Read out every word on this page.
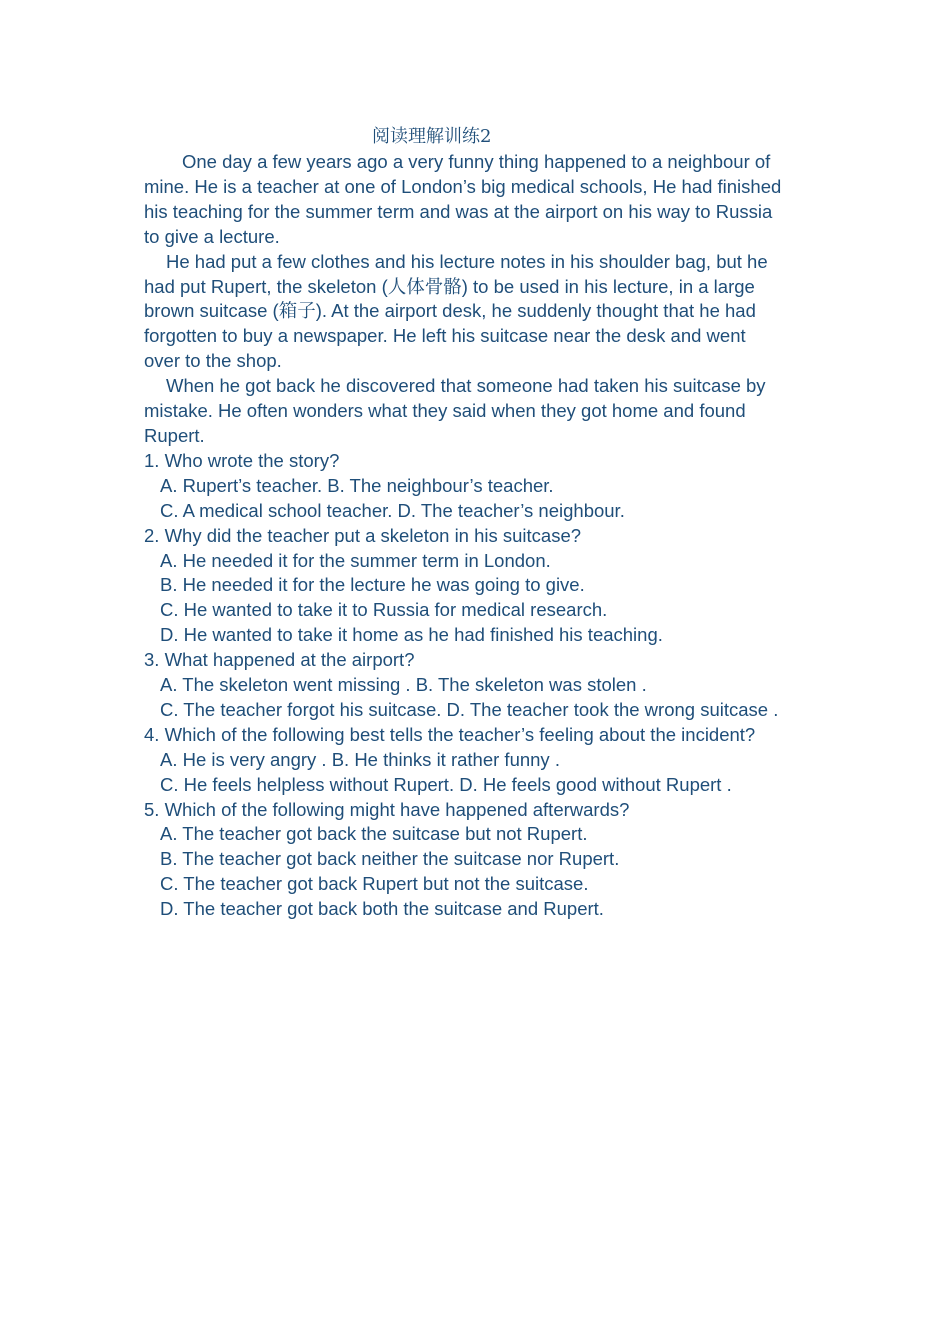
阅读理解训练2

One day a few years ago a very funny thing happened to a neighbour of

mine. He is a teacher at one of London’s big medical schools, He had finished

his teaching for the summer term and was at the airport on his way to Russia

to give a lecture.

He had put a few clothes and his lecture notes in his shoulder bag, but he

had put Rupert, the skeleton (人体骨骼) to be used in his lecture, in a large

brown suitcase (箱子). At the airport desk, he suddenly thought that he had

forgotten to buy a newspaper. He left his suitcase near the desk and went

over to the shop.

When he got back he discovered that someone had taken his suitcase by

mistake. He often wonders what they said when they got home and found

Rupert.

1. Who wrote the story?

A. Rupert’s teacher. B. The neighbour’s teacher.

C. A medical school teacher. D. The teacher’s neighbour.

2. Why did the teacher put a skeleton in his suitcase?

A. He needed it for the summer term in London.

B. He needed it for the lecture he was going to give.

C. He wanted to take it to Russia for medical research.

D. He wanted to take it home as he had finished his teaching.

3. What happened at the airport?

A. The skeleton went missing . B. The skeleton was stolen .

C. The teacher forgot his suitcase. D. The teacher took the wrong suitcase .

4. Which of the following best tells the teacher’s feeling about the incident?

A. He is very angry . B. He thinks it rather funny .

C. He feels helpless without Rupert. D. He feels good without Rupert .

5. Which of the following might have happened afterwards?

A. The teacher got back the suitcase but not Rupert.

B. The teacher got back neither the suitcase nor Rupert.

C. The teacher got back Rupert but not the suitcase.

D. The teacher got back both the suitcase and Rupert.
